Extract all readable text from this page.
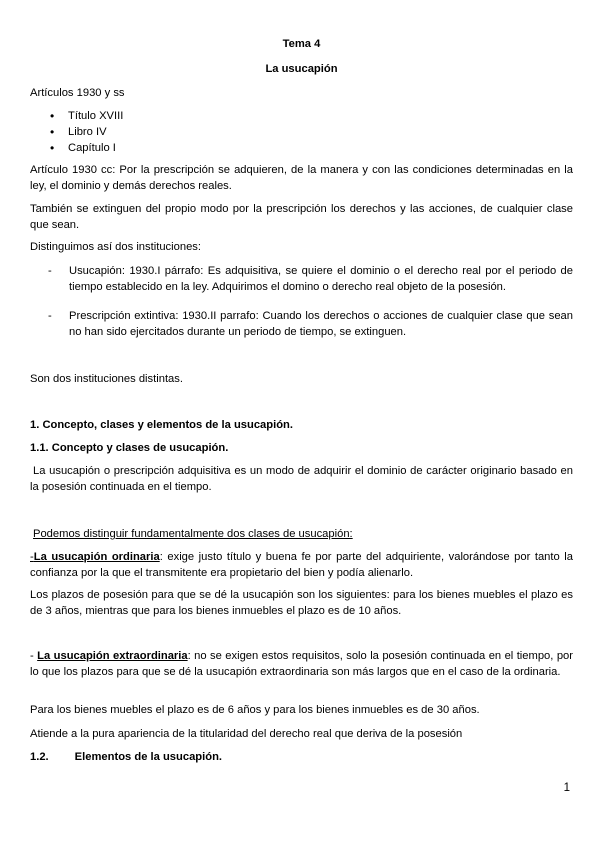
Tema 4
La usucapión
Artículos 1930 y ss
• Título XVIII
• Libro IV
• Capítulo I
Artículo 1930 cc: Por la prescripción se adquieren, de la manera y con las condiciones determinadas en la ley, el dominio y demás derechos reales.
También se extinguen del propio modo por la prescripción los derechos y las acciones, de cualquier clase que sean.
Distinguimos así dos instituciones:
- Usucapión: 1930.I párrafo: Es adquisitiva, se quiere el dominio o el derecho real por el periodo de tiempo establecido en la ley. Adquirimos el domino o derecho real objeto de la posesión.
- Prescripción extintiva: 1930.II parrafo: Cuando los derechos o acciones de cualquier clase que sean no han sido ejercitados durante un periodo de tiempo, se extinguen.
Son dos instituciones distintas.
1. Concepto, clases y elementos de la usucapión.
1.1. Concepto y clases de usucapión.
La usucapión o prescripción adquisitiva es un modo de adquirir el dominio de carácter originario basado en la posesión continuada en el tiempo.
Podemos distinguir fundamentalmente dos clases de usucapión:
-La usucapión ordinaria: exige justo título y buena fe por parte del adquiriente, valorándose por tanto la confianza por la que el transmitente era propietario del bien y podía alienarlo.
Los plazos de posesión para que se dé la usucapión son los siguientes: para los bienes muebles el plazo es de 3 años, mientras que para los bienes inmuebles el plazo es de 10 años.
- La usucapión extraordinaria: no se exigen estos requisitos, solo la posesión continuada en el tiempo, por lo que los plazos para que se dé la usucapión extraordinaria son más largos que en el caso de la ordinaria.
Para los bienes muebles el plazo es de 6 años y para los bienes inmuebles es de 30 años.
Atiende a la pura apariencia de la titularidad del derecho real que deriva de la posesión
1.2. Elementos de la usucapión.
1
